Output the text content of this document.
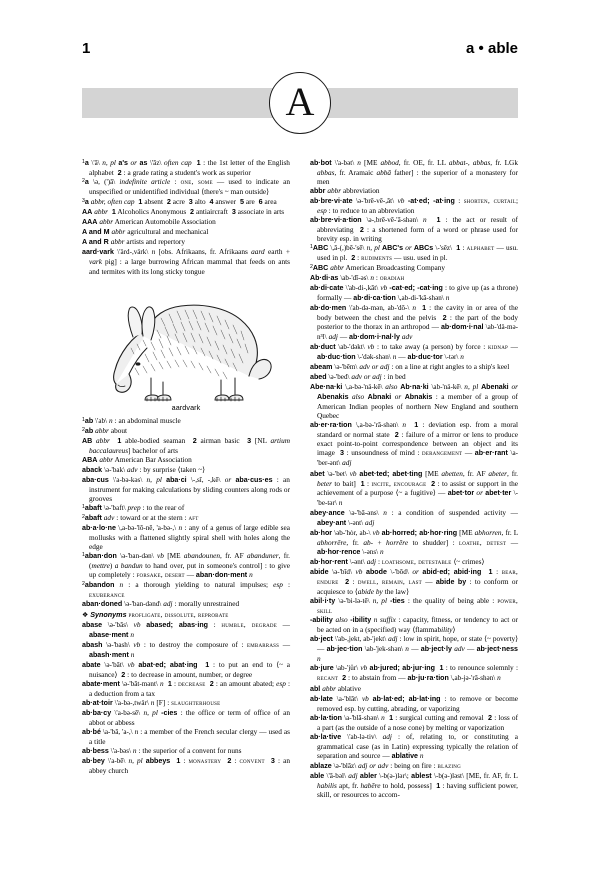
1	a • able
A
$^1$a \'ā\ n, pl a's or as \'āz\ often cap 1 : the 1st letter of the English alphabet  2 : a grade rating a student's work as superior
$^2$a \ə, (')ā\ indefinite article : one, some — used to indicate an unspecified or unidentified individual ⟨there's ~ man outside⟩
$^3$a abbr, often cap 1 absent  2 acre  3 alto  4 answer  5 are  6 area
AA abbr 1 Alcoholics Anonymous  2 antiaircraft  3 associate in arts
AAA abbr American Automobile Association
A and M abbr agricultural and mechanical
A and R abbr artists and repertory
aard·vark \'ärd-,värk\ n [obs. Afrikaans, fr. Afrikaans aard earth + vark pig] : a large burrowing African mammal that feeds on ants and termites with its long sticky tongue
aardvark
$^1$ab \'ab\ n : an abdominal muscle
$^2$ab abbr about
AB abbr 1 able-bodied seaman  2 airman basic  3 [NL artium baccalaureus] bachelor of arts
ABA abbr American Bar Association
aback \ə-'bak\ adv : by surprise ⟨taken ~⟩
aba·cus \'a-bə-kəs\ n, pl aba·ci \-,sī, -,kē\ or aba·cus·es : an instrument for making calculations by sliding counters along rods or grooves
$^1$abaft \ə-'baft\ prep : to the rear of
$^2$abaft adv : toward or at the stern : aft
ab·a·lo·ne \,a-bə-'lō-nē, 'a-bə-,\ n : any of a genus of large edible sea mollusks with a flattened slightly spiral shell with holes along the edge
$^1$aban·don \ə-'ban-dən\ vb [ME abandounen, fr. AF abanduner, fr. (mettre) a bandun to hand over, put in someone's control] : to give up completely : forsake, desert — aban·don·ment n
$^2$abandon n : a thorough yielding to natural impulses; esp : exuberance
aban·doned \ə-'ban-dənd\ adj : morally unrestrained
❖ Synonyms profligate, dissolute, reprobate
abase \ə-'bās\ vb abased; abas·ing : humble, degrade — abase·ment n
abash \ə-'bash\ vb : to destroy the composure of : embarrass — abash·ment n
abate \ə-'bāt\ vb abat·ed; abat·ing 1 : to put an end to ⟨~ a nuisance⟩  2 : to decrease in amount, number, or degree
abate·ment \ə-'bāt-mənt\ n 1 : decrease 2 : an amount abated; esp : a deduction from a tax
ab·at·toir \'a-bə-,twär\ n [F] : slaughterhouse
ab·ba·cy \'a-bə-sē\ n, pl -cies : the office or term of office of an abbot or abbess
ab·bé \a-'bā, 'a-,\ n : a member of the French secular clergy — used as a title
ab·bess \'a-bəs\ n : the superior of a convent for nuns
ab·bey \'a-bē\ n, pl abbeys 1 : monastery 2 : convent 3 : an abbey church
ab·bot \'a-bət\ n [ME abbod, fr. OE, fr. LL abbat-, abbas, fr. LGk abbas, fr. Aramaic abbā father] : the superior of a monastery for men
abbr abbr abbreviation
ab·bre·vi·ate \ə-'brē-vē-,āt\ vb -at·ed; -at·ing : shorten, curtail; esp : to reduce to an abbreviation
ab·bre·vi·a·tion \ə-,brē-vē-'ā-shən\ n 1 : the act or result of abbreviating  2 : a shortened form of a word or phrase used for brevity esp. in writing
$^1$ABC \,ā-(,)bē-'sē\ n, pl ABC's or ABCs \-'sēz\ 1 : alphabet — usu. used in pl.  2 : rudiments — usu. used in pl.
$^2$ABC abbr American Broadcasting Company
Ab·di·as \ab-'dī-əs\ n : obadiah
ab·di·cate \'ab-di-,kāt\ vb -cat·ed; -cat·ing : to give up (as a throne) formally — ab·di·ca·tion \,ab-di-'kā-shən\ n
ab·do·men \'ab-də-mən, ab-'dō-\ n 1 : the cavity in or area of the body between the chest and the pelvis  2 : the part of the body posterior to the thorax in an arthropod — ab·dom·i·nal \ab-'dä-mə-n³l\ adj — ab·dom·i·nal·ly adv
ab·duct \ab-'dəkt\ vb : to take away (a person) by force : kidnap — ab·duc·tion \-'dək-shən\ n — ab·duc·tor \-tər\ n
abeam \ə-'bēm\ adv or adj : on a line at right angles to a ship's keel
abed \ə-'bed\ adv or adj : in bed
Abe·na·ki \,a-bə-'nä-kē\ also Ab·na·ki \ab-'nä-kē\ n, pl Abenaki or Abenakis also Abnaki or Abnakis : a member of a group of American Indian peoples of northern New England and southern Quebec
ab·er·ra·tion \,a-bə-'rā-shən\ n 1 : deviation esp. from a moral standard or normal state  2 : failure of a mirror or lens to produce exact point-to-point correspondence between an object and its image  3 : unsoundness of mind : derangement — ab·er·rant \a-'ber-ənt\ adj
abet \ə-'bet\ vb abet·ted; abet·ting [ME abetten, fr. AF abeter, fr. beter to bait]  1 : incite, encourage 2 : to assist or support in the achievement of a purpose ⟨~ a fugitive⟩ — abet·tor or abet·ter \-'be-tər\ n
abey·ance \ə-'bā-əns\ n : a condition of suspended activity — abey·ant \-ənt\ adj
ab·hor \əb-'hȯr, ab-\ vb ab·horred; ab·hor·ring [ME abhorren, fr. L abhorrēre, fr. ab- + horrēre to shudder] : loathe, detest — ab·hor·rence \-əns\ n
ab·hor·rent \-ənt\ adj : loathsome, detestable ⟨~ crimes⟩
abide \ə-'bīd\ vb abode \-'bōd\ or abid·ed; abid·ing 1 : bear, endure 2 : dwell, remain, last — abide by : to conform or acquiesce to ⟨abide by the law⟩
abil·i·ty \ə-'bi-lə-tē\ n, pl -ties : the quality of being able : power, skill
-ability also -ibility n suffix : capacity, fitness, or tendency to act or be acted on in a (specified) way ⟨flammability⟩
ab·ject \'ab-,jekt, ab-'jekt\ adj : low in spirit, hope, or state ⟨~ poverty⟩ — ab·jec·tion \ab-'jek-shən\ n — ab·ject·ly adv — ab·ject·ness n
ab·jure \ab-'jůr\ vb ab·jured; ab·jur·ing 1 : to renounce solemnly : recant 2 : to abstain from — ab·ju·ra·tion \,ab-jə-'rā-shən\ n
abl abbr ablative
ab·late \a-'blāt\ vb ab·lat·ed; ab·lat·ing : to remove or become removed esp. by cutting, abrading, or vaporizing
ab·la·tion \a-'blā-shən\ n 1 : surgical cutting and removal  2 : loss of a part (as the outside of a nose cone) by melting or vaporization
ab·la·tive \'ab-lə-tiv\ adj : of, relating to, or constituting a grammatical case (as in Latin) expressing typically the relation of separation and source — ablative n
ablaze \ə-'blāz\ adj or adv : being on fire : blazing
able \'ā-bəl\ adj abler \-b(ə-)lər\; ablest \-b(ə-)ləst\ [ME, fr. AF, fr. L habilis apt, fr. habēre to hold, possess]  1 : having sufficient power, skill, or resources to accom-
